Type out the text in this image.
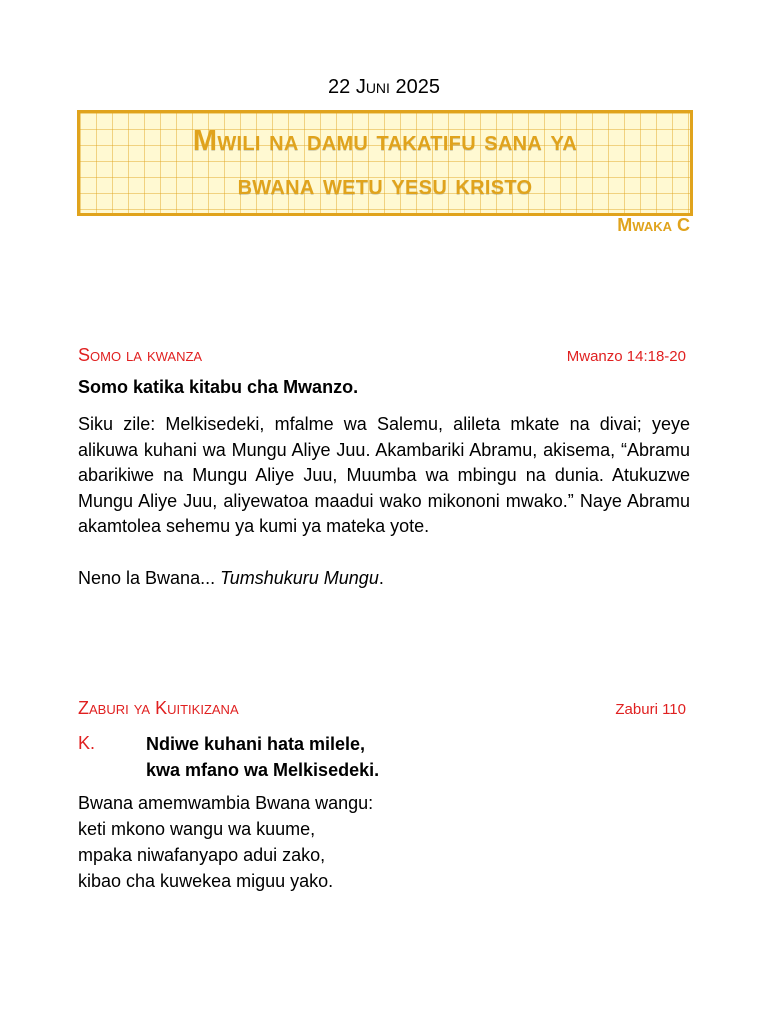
22 Juni 2025
Mwili na damu takatifu sana ya
bwana wetu yesu kristo
Mwaka C
Somo la kwanza	Mwanzo 14:18-20
Somo katika kitabu cha Mwanzo.

Siku zile: Melkisedeki, mfalme wa Salemu, alileta mkate na divai; yeye alikuwa kuhani wa Mungu Aliye Juu. Akambariki Abramu, akisema, “Abramu abarikiwe na Mungu Aliye Juu, Muumba wa mbingu na dunia. Atukuzwe Mungu Aliye Juu, aliyewatoa maadui wako mikononi mwako.” Naye Abramu akamtolea sehemu ya kumi ya mateka yote.

Neno la Bwana... Tumshukuru Mungu.
Zaburi ya Kuitikizana	Zaburi 110
K.	Ndiwe kuhani hata milele,
kwa mfano wa Melkisedeki.
Bwana amemwambia Bwana wangu:
keti mkono wangu wa kuume,
mpaka niwafanyapo adui zako,
kibao cha kuwekea miguu yako.
